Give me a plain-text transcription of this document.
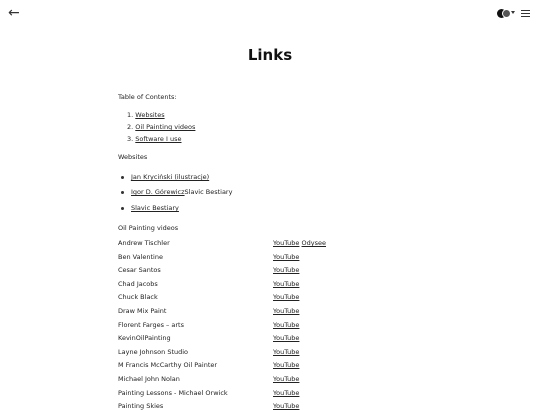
←
Links
Table of Contents:
1. Websites
2. Oil Painting videos
3. Software I use
Websites
Jan Kryciński (ilustracje)
Igor D. GórewiczSlavic Bestiary
Slavic Bestiary
Oil Painting videos
Andrew Tischler	YouTube Odysee
Ben Valentine	YouTube
Cesar Santos	YouTube
Chad Jacobs	YouTube
Chuck Black	YouTube
Draw Mix Paint	YouTube
Florent Farges – arts	YouTube
KevinOilPainting	YouTube
Layne Johnson Studio	YouTube
M Francis McCarthy Oil Painter	YouTube
Michael John Nolan	YouTube
Painting Lessons - Michael Orwick	YouTube
Painting Skies	YouTube
